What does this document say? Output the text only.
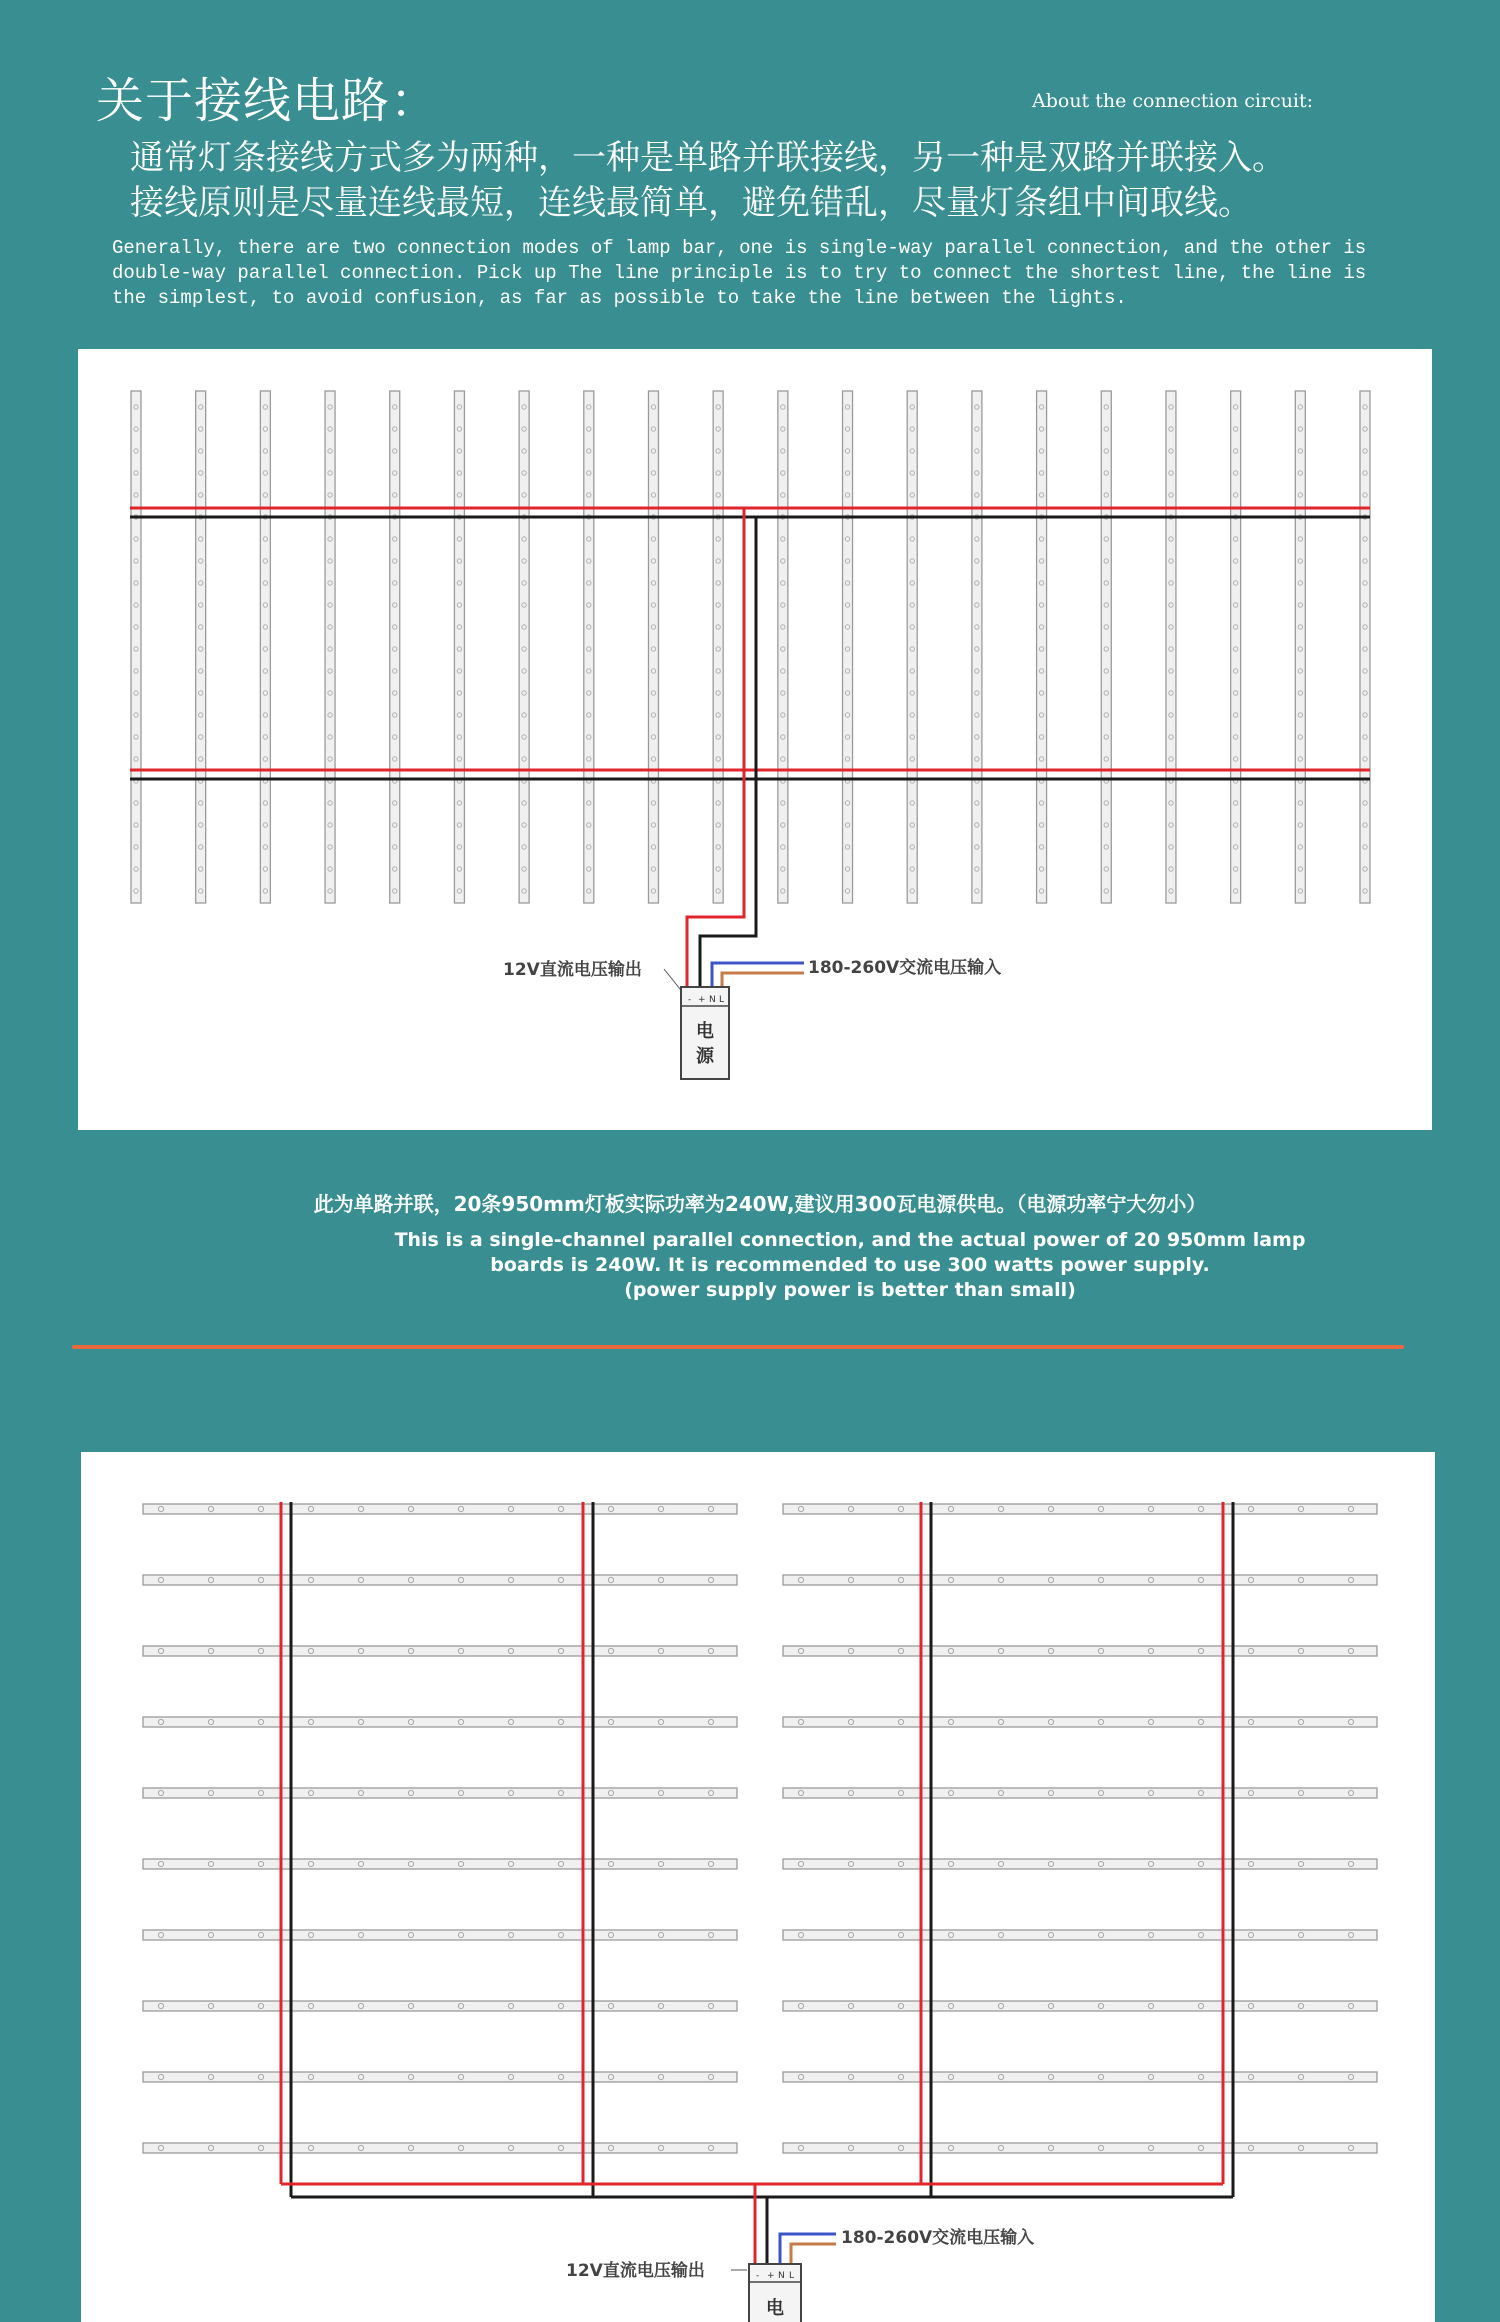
关于接线电路：	About the connection circuit:
通常灯条接线方式多为两种，一种是单路并联接线，另一种是双路并联接入。
接线原则是尽量连线最短，连线最简单，避免错乱，尽量灯条组中间取线。
Generally, there are two connection modes of lamp bar, one is single-way parallel connection, and the other is double-way parallel connection. Pick up The line principle is to try to connect the shortest line, the line is the simplest, to avoid confusion, as far as possible to take the line between the lights.
- + N L
电
源
12V直流电压输出	180-260V交流电压输入
此为单路并联，20条950mm灯板实际功率为240W,建议用300瓦电源供电。（电源功率宁大勿小）
This is a single-channel parallel connection, and the actual power of 20 950mm lamp
boards is 240W. It is recommended to use 300 watts power supply.
(power supply power is better than small)
- + N L
电
12V直流电压输出
180-260V交流电压输入
